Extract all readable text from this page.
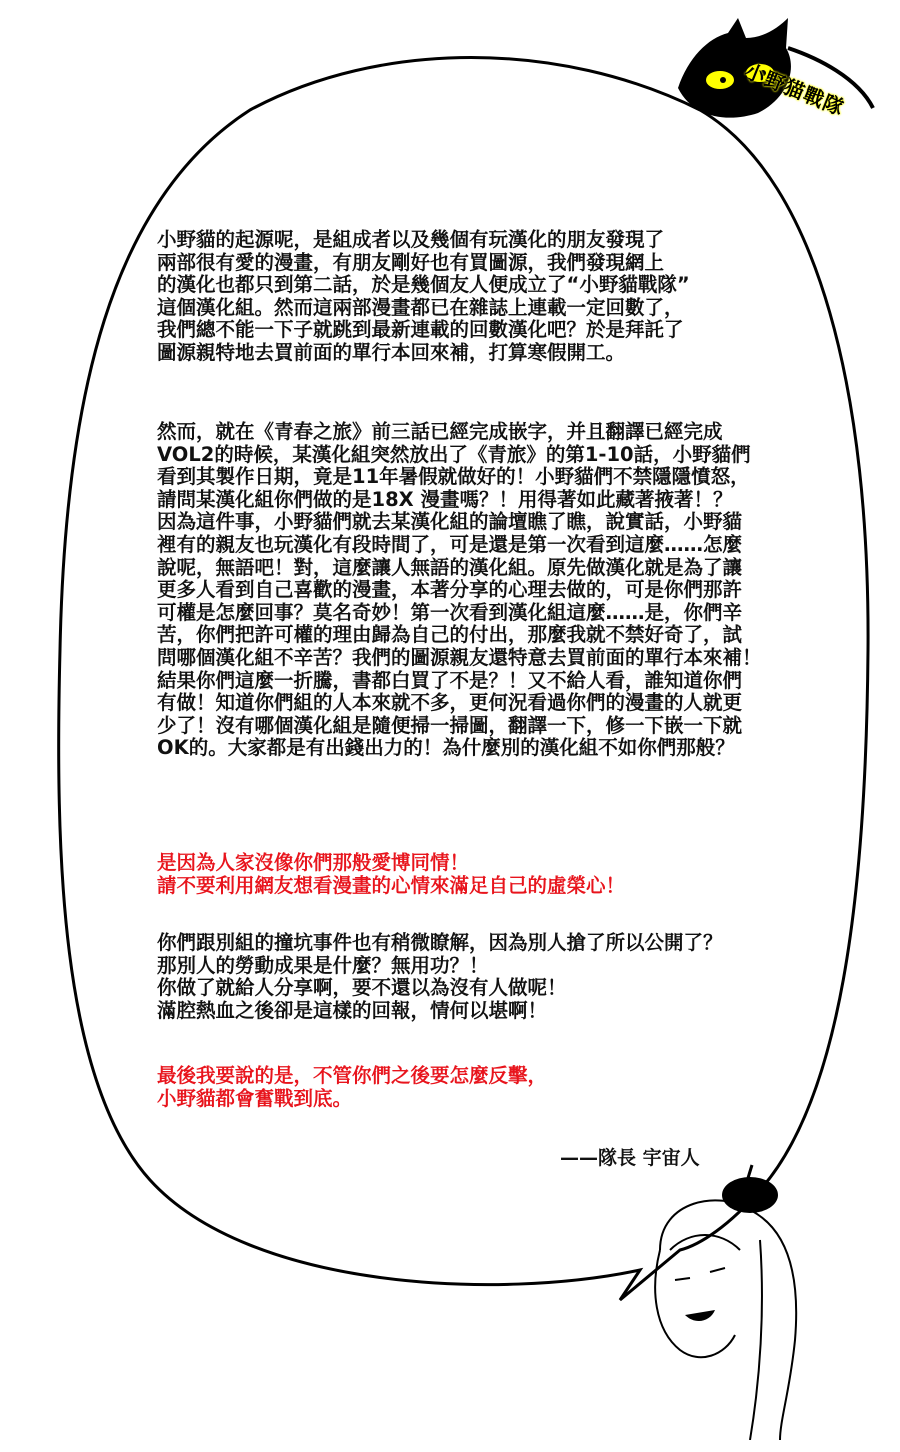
小野猫戰隊
小野貓的起源呢，是組成者以及幾個有玩漢化的朋友發現了
兩部很有愛的漫畫，有朋友剛好也有買圖源，我們發現網上
的漢化也都只到第二話，於是幾個友人便成立了“小野貓戰隊”
這個漢化組。然而這兩部漫畫都已在雜誌上連載一定回數了，
我們總不能一下子就跳到最新連載的回數漢化吧？於是拜託了
圖源親特地去買前面的單行本回來補，打算寒假開工。
然而，就在《青春之旅》前三話已經完成嵌字，并且翻譯已經完成
VOL2的時候，某漢化組突然放出了《青旅》的第1-10話，小野貓們
看到其製作日期，竟是11年暑假就做好的！小野貓們不禁隱隱憤怒，
請問某漢化組你們做的是18X 漫畫嗎？！用得著如此藏著掖著！？
因為這件事，小野貓們就去某漢化組的論壇瞧了瞧，說實話，小野貓
裡有的親友也玩漢化有段時間了，可是還是第一次看到這麼……怎麼
說呢，無語吧！對，這麼讓人無語的漢化組。原先做漢化就是為了讓
更多人看到自己喜歡的漫畫，本著分享的心理去做的，可是你們那許
可權是怎麼回事？莫名奇妙！第一次看到漢化組這麼……是，你們辛
苦，你們把許可權的理由歸為自己的付出，那麼我就不禁好奇了，試
問哪個漢化組不辛苦？我們的圖源親友還特意去買前面的單行本來補！
結果你們這麼一折騰，書都白買了不是？！又不給人看，誰知道你們
有做！知道你們組的人本來就不多，更何況看過你們的漫畫的人就更
少了！沒有哪個漢化組是隨便掃一掃圖，翻譯一下，修一下嵌一下就
OK的。大家都是有出錢出力的！為什麼別的漢化組不如你們那般？
是因為人家沒像你們那般愛博同情！
請不要利用網友想看漫畫的心情來滿足自己的虛榮心！
你們跟別組的撞坑事件也有稍微瞭解，因為別人搶了所以公開了？
那別人的勞動成果是什麼？無用功？！
你做了就給人分享啊，要不還以為沒有人做呢！
滿腔熱血之後卻是這樣的回報，情何以堪啊！
最後我要說的是，不管你們之後要怎麼反擊，
小野貓都會奮戰到底。
——隊長 宇宙人
